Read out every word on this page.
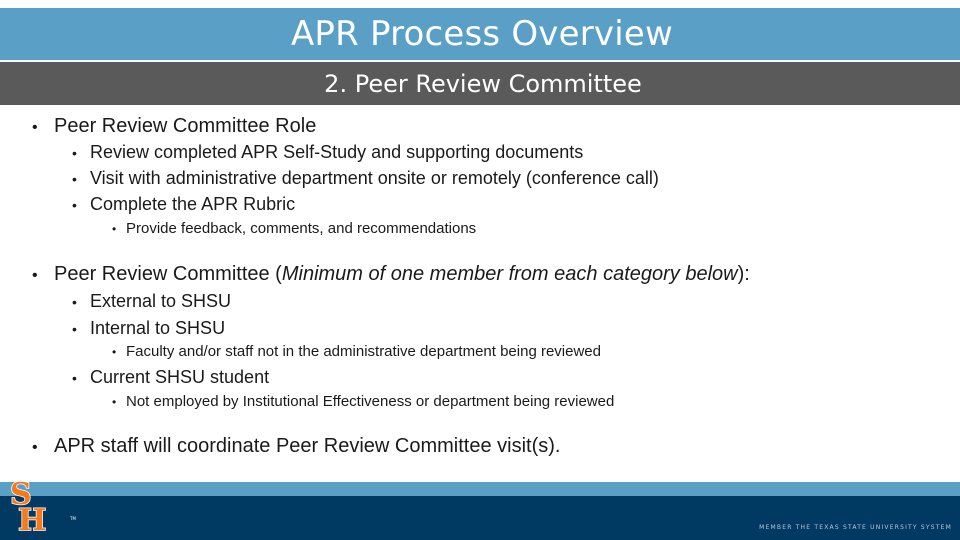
APR Process Overview
2. Peer Review Committee
• Peer Review Committee Role
• Review completed APR Self-Study and supporting documents
• Visit with administrative department onsite or remotely (conference call)
• Complete the APR Rubric
• Provide feedback, comments, and recommendations
• Peer Review Committee (Minimum of one member from each category below):
• External to SHSU
• Internal to SHSU
• Faculty and/or staff not in the administrative department being reviewed
• Current SHSU student
• Not employed by Institutional Effectiveness or department being reviewed
• APR staff will coordinate Peer Review Committee visit(s).
MEMBER THE TEXAS STATE UNIVERSITY SYSTEM
S
H	TM
